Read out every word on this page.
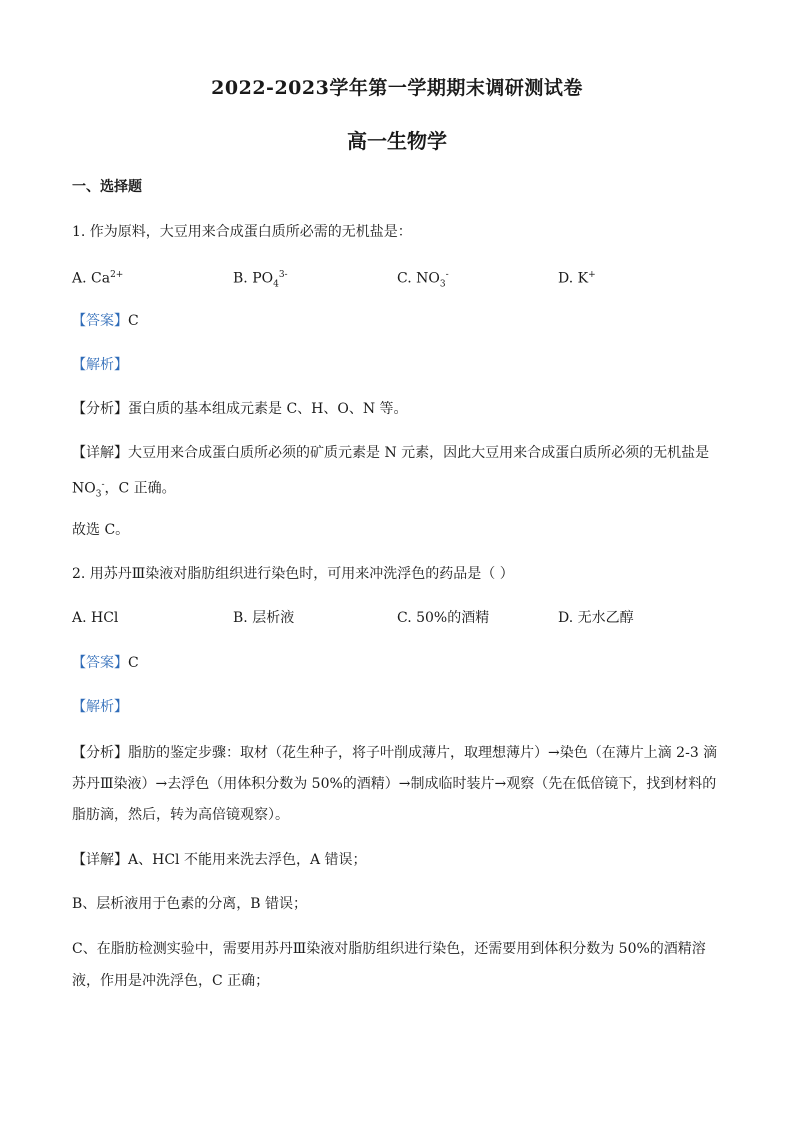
2022-2023学年第一学期期末调研测试卷
高一生物学
一、选择题
1. 作为原料，大豆用来合成蛋白质所必需的无机盐是：
A. $Ca^{2+}$	B. $PO_4^{3-}$	C. $NO_3^-$	D. K+
【答案】C
【解析】
【分析】蛋白质的基本组成元素是 C、H、O、N 等。
【详解】大豆用来合成蛋白质所必须的矿质元素是 N 元素，因此大豆用来合成蛋白质所必须的无机盐是
$NO_3^-$，C 正确。
故选 C。
2. 用苏丹Ⅲ染液对脂肪组织进行染色时，可用来冲洗浮色的药品是（ ）
A. HCl	B. 层析液	C. 50%的酒精	D. 无水乙醇
【答案】C
【解析】
【分析】脂肪的鉴定步骤：取材（花生种子，将子叶削成薄片，取理想薄片）→染色（在薄片上滴 2-3 滴
苏丹Ⅲ染液）→去浮色（用体积分数为 50%的酒精）→制成临时装片→观察（先在低倍镜下，找到材料的
脂肪滴，然后，转为高倍镜观察）。
【详解】A、HCl 不能用来洗去浮色，A 错误；
B、层析液用于色素的分离，B 错误；
C、在脂肪检测实验中，需要用苏丹Ⅲ染液对脂肪组织进行染色，还需要用到体积分数为 50%的酒精溶
液，作用是冲洗浮色，C 正确；
